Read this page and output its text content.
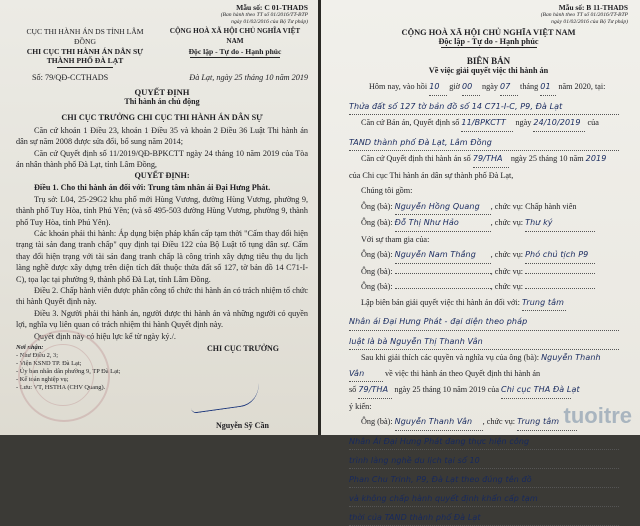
Mẫu số: C 01-THADS
(Ban hành theo TT số 01/2016/TT-BTP
ngày 01/02/2016 của Bộ Tư pháp)
CỤC THI HÀNH ÁN DS TỈNH LÂM ĐỒNG
CHI CỤC THI HÀNH ÁN DÂN SỰ
THÀNH PHỐ ĐÀ LẠT
CỘNG HOÀ XÃ HỘI CHỦ NGHĨA VIỆT NAM
Độc lập - Tự do - Hạnh phúc
Số: 79/QĐ-CCTHADS	Đà Lạt, ngày 25 tháng 10 năm 2019
QUYẾT ĐỊNH
Thi hành án chủ động
CHI CỤC TRƯỞNG CHI CỤC THI HÀNH ÁN DÂN SỰ
Căn cứ khoản 1 Điều 23, khoản 1 Điều 35 và khoản 2 Điều 36 Luật Thi hành án dân sự năm 2008 được sửa đổi, bổ sung năm 2014;
Căn cứ Quyết định số 11/2019/QĐ-BPKCTT ngày 24 tháng 10 năm 2019 của Tòa án nhân thành phố Đà Lạt, tỉnh Lâm Đồng,
QUYẾT ĐỊNH:
Điều 1. Cho thi hành án đối với: Trung tâm nhân ái Đại Hưng Phát.
Trụ sở: L04, 25-29G2 khu phố mới Hùng Vương, đường Hùng Vương, phường 9, thành phố Tuy Hòa, tỉnh Phú Yên; (và số 495-503 đường Hùng Vương, phường 9, thành phố Tuy Hòa, tỉnh Phú Yên).
Các khoản phải thi hành: Áp dụng biện pháp khẩn cấp tạm thời "Cấm thay đổi hiện trạng tài sản đang tranh chấp" quy định tại Điều 122 của Bộ Luật tố tụng dân sự. Cấm thay đổi hiện trạng với tài sản đang tranh chấp là công trình xây dựng tiêu thụ du lịch làng nghề được xây dựng trên diện tích đất thuộc thửa đất số 127, tờ bản đồ 14 C71-I-C), tọa lạc tại phường 9, thành phố Đà Lạt, tỉnh Lâm Đồng.
Điều 2. Chấp hành viên được phân công tổ chức thi hành án có trách nhiệm tổ chức thi hành Quyết định này.
Điều 3. Người phải thi hành án, người được thi hành án và những người có quyền lợi, nghĩa vụ liên quan có trách nhiệm thi hành Quyết định này.
Quyết định này có hiệu lực kể từ ngày ký./.
Nơi nhận:
- Như Điều 2, 3;
- Viện KSND TP. Đà Lạt;
- Ủy ban nhân dân phường 9, TP Đà Lạt;
- Kế toán nghiệp vụ;
- Lưu: VT, HSTHA (CHV Quang).
CHI CỤC TRƯỞNG
Nguyễn Sỹ Cần
Mẫu số: B 11-THADS
(Ban hành theo TT số 01/2016/TT-BTP
ngày 01/02/2016 của Bộ Tư pháp)
CỘNG HOÀ XÃ HỘI CHỦ NGHĨA VIỆT NAM
Độc lập - Tự do - Hạnh phúc
BIÊN BẢN
Về việc giải quyết việc thi hành án
Hôm nay, vào hồi 10 giờ 00 ngày 07 tháng 01 năm 2020, tại:
Thửa đất số 127 tờ bản đồ số 14 C71-I-C, P9, Đà Lạt
Căn cứ Bản án, Quyết định số 11/BPKCTT ngày 24/10/2019 của
TAND thành phố Đà Lạt, Lâm Đồng
Căn cứ Quyết định thi hành án số 79/THA ngày 25 tháng 10 năm 2019
của Chi cục Thi hành án dân sự thành phố Đà Lạt,
Chúng tôi gồm:
Ông (bà): Nguyễn Hồng Quang , chức vụ: Chấp hành viên
Ông (bà): Đỗ Thị Như Hảo	, chức vụ: Thư ký
Với sự tham gia của:
Ông (bà): Nguyễn Nam Thắng , chức vụ: Phó chủ tịch P9
Ông (bà):	, chức vụ:
Ông (bà):	, chức vụ:
Lập biên bản giải quyết việc thi hành án đối với: Trung tâm
Nhân ái Đại Hưng Phát - đại diện theo pháp luật là bà Nguyễn Thị Thanh Vân
Sau khi giải thích các quyền và nghĩa vụ của ông (bà): Nguyễn Thanh
Vân	về việc thi hành án theo Quyết định thi hành án
số 79/THA ngày 25 tháng 10 năm 2019 của Chi cục THA Đà Lạt
ý kiến:
Ông (bà): Nguyễn Thanh Vân , chức vụ: Trung tâm
Nhân Ái Đại Hưng Phát đang thực hiện công trình làng nghề du lịch tại số 10 Phan Chu Trinh, P9, Đà Lạt theo đúng tên đồ và không chấp hành quyết định khẩn cấp tạm thời của TAND thành phố Đà Lạt
tuoitre
